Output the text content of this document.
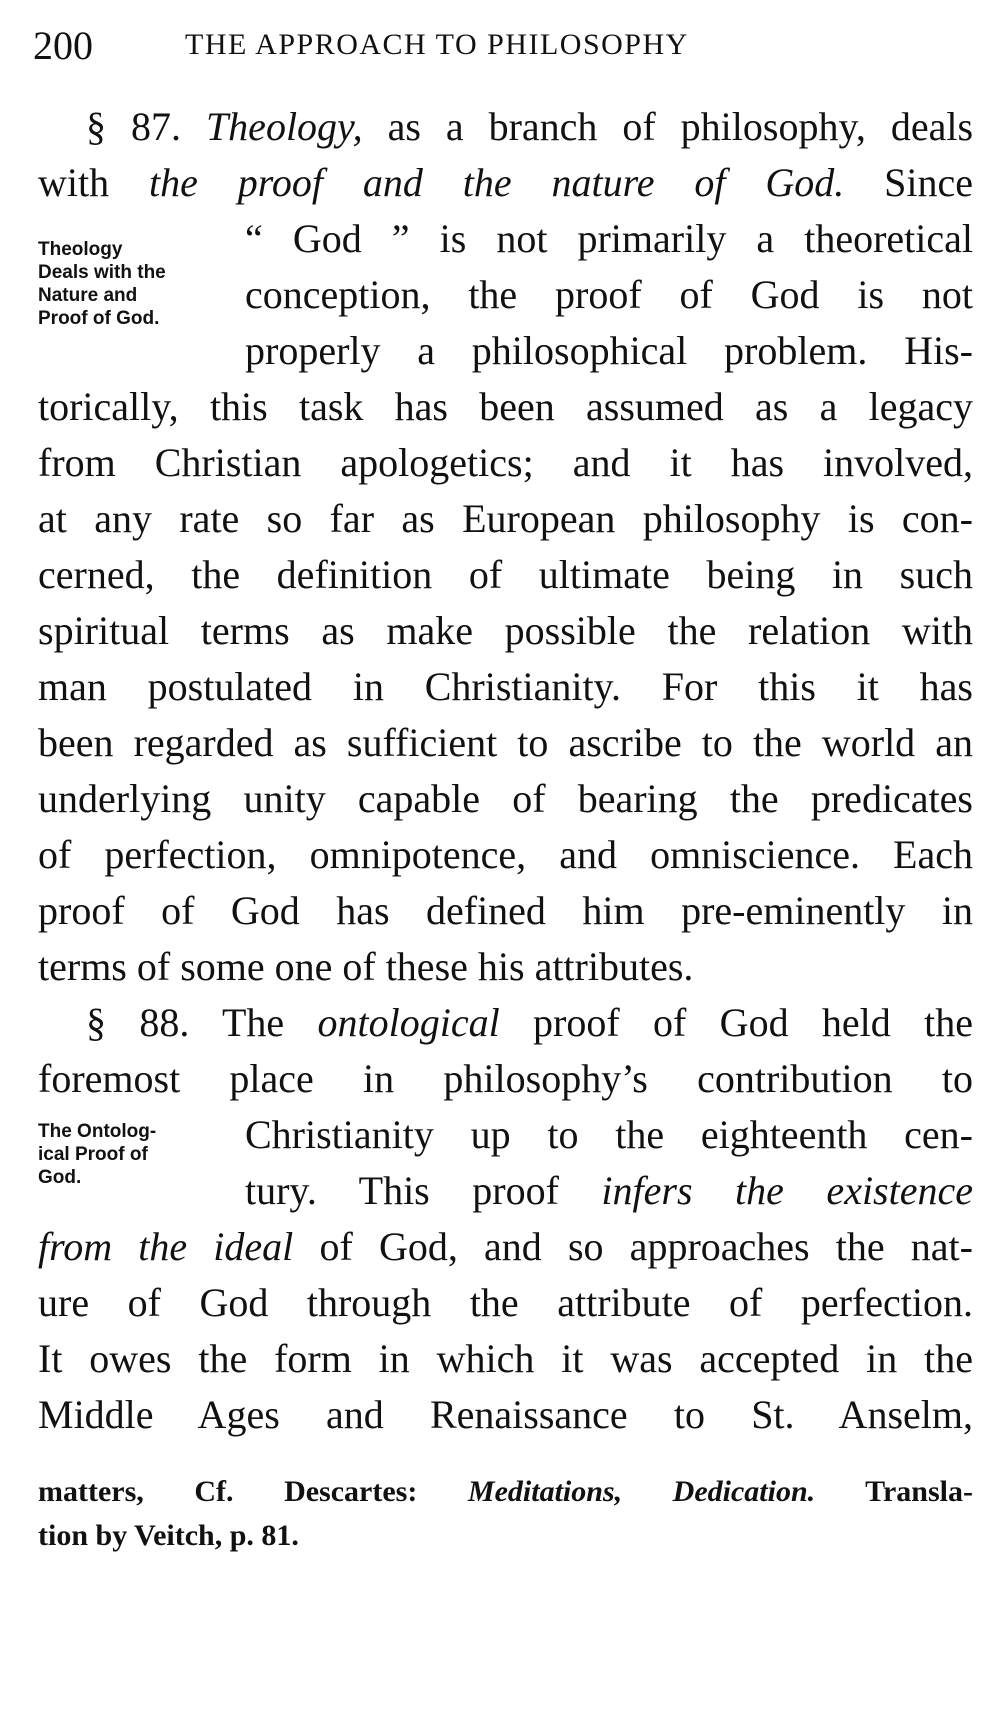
200	THE APPROACH TO PHILOSOPHY
§ 87. Theology, as a branch of philosophy, deals
with the proof and the nature of God. Since
“ God ” is not primarily a theoretical
conception, the proof of God is not
properly a philosophical problem. His-
torically, this task has been assumed as a legacy
from Christian apologetics; and it has involved,
at any rate so far as European philosophy is con-
cerned, the definition of ultimate being in such
spiritual terms as make possible the relation with
man postulated in Christianity. For this it has
been regarded as sufficient to ascribe to the world an
underlying unity capable of bearing the predicates
of perfection, omnipotence, and omniscience. Each
proof of God has defined him pre-eminently in
terms of some one of these his attributes.
Theology
Deals with the
Nature and
Proof of God.
§ 88. The ontological proof of God held the
foremost place in philosophy’s contribution to
Christianity up to the eighteenth cen-
tury. This proof infers the existence
from the ideal of God, and so approaches the nat-
ure of God through the attribute of perfection.
It owes the form in which it was accepted in the
Middle Ages and Renaissance to St. Anselm,
The Ontolog-
ical Proof of
God.
matters, Cf. Descartes: Meditations, Dedication. Transla-
tion by Veitch, p. 81.
